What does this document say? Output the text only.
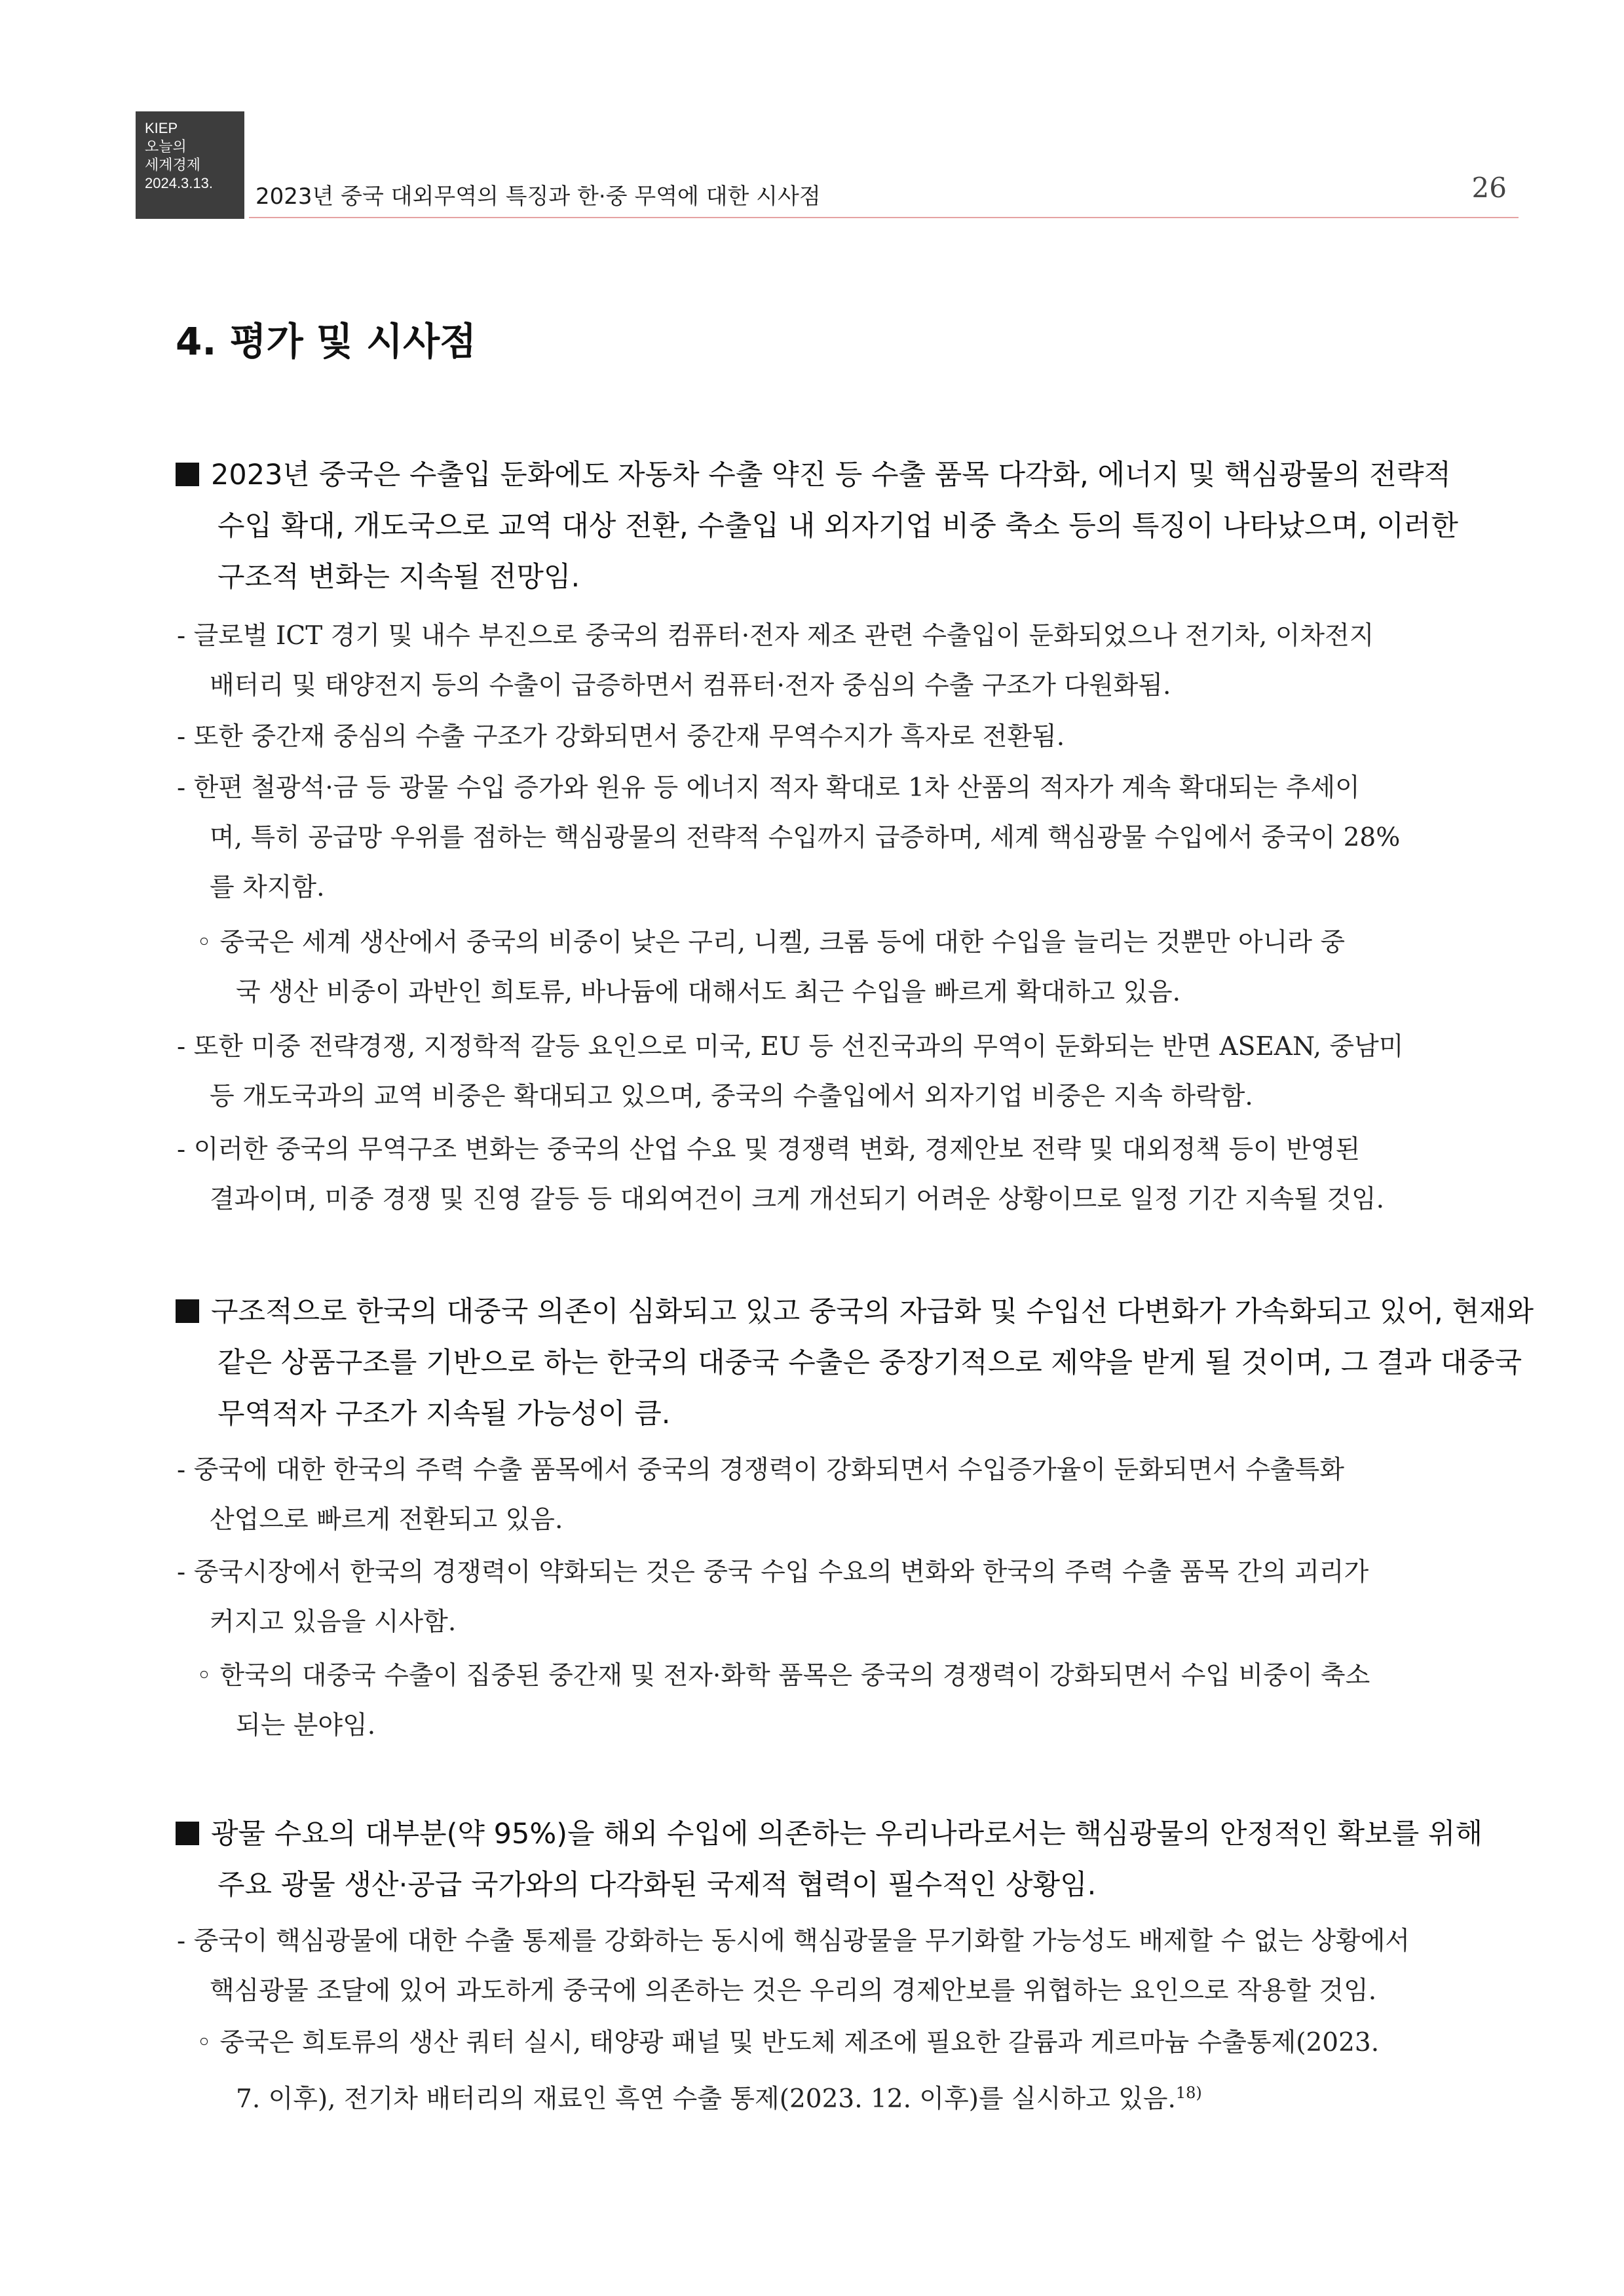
KIEP
오늘의
세계경제
2024.3.13.
2023년 중국 대외무역의 특징과 한·중 무역에 대한 시사점	26
4. 평가 및 시사점
2023년 중국은 수출입 둔화에도 자동차 수출 약진 등 수출 품목 다각화, 에너지 및 핵심광물의 전략적
수입 확대, 개도국으로 교역 대상 전환, 수출입 내 외자기업 비중 축소 등의 특징이 나타났으며, 이러한
구조적 변화는 지속될 전망임.
- 글로벌 ICT 경기 및 내수 부진으로 중국의 컴퓨터·전자 제조 관련 수출입이 둔화되었으나 전기차, 이차전지
배터리 및 태양전지 등의 수출이 급증하면서 컴퓨터·전자 중심의 수출 구조가 다원화됨.
- 또한 중간재 중심의 수출 구조가 강화되면서 중간재 무역수지가 흑자로 전환됨.
- 한편 철광석·금 등 광물 수입 증가와 원유 등 에너지 적자 확대로 1차 산품의 적자가 계속 확대되는 추세이
며, 특히 공급망 우위를 점하는 핵심광물의 전략적 수입까지 급증하며, 세계 핵심광물 수입에서 중국이 28%
를 차지함.
◦ 중국은 세계 생산에서 중국의 비중이 낮은 구리, 니켈, 크롬 등에 대한 수입을 늘리는 것뿐만 아니라 중
국 생산 비중이 과반인 희토류, 바나듐에 대해서도 최근 수입을 빠르게 확대하고 있음.
- 또한 미중 전략경쟁, 지정학적 갈등 요인으로 미국, EU 등 선진국과의 무역이 둔화되는 반면 ASEAN, 중남미
등 개도국과의 교역 비중은 확대되고 있으며, 중국의 수출입에서 외자기업 비중은 지속 하락함.
- 이러한 중국의 무역구조 변화는 중국의 산업 수요 및 경쟁력 변화, 경제안보 전략 및 대외정책 등이 반영된
결과이며, 미중 경쟁 및 진영 갈등 등 대외여건이 크게 개선되기 어려운 상황이므로 일정 기간 지속될 것임.
구조적으로 한국의 대중국 의존이 심화되고 있고 중국의 자급화 및 수입선 다변화가 가속화되고 있어, 현재와
같은 상품구조를 기반으로 하는 한국의 대중국 수출은 중장기적으로 제약을 받게 될 것이며, 그 결과 대중국
무역적자 구조가 지속될 가능성이 큼.
- 중국에 대한 한국의 주력 수출 품목에서 중국의 경쟁력이 강화되면서 수입증가율이 둔화되면서 수출특화
산업으로 빠르게 전환되고 있음.
- 중국시장에서 한국의 경쟁력이 약화되는 것은 중국 수입 수요의 변화와 한국의 주력 수출 품목 간의 괴리가
커지고 있음을 시사함.
◦ 한국의 대중국 수출이 집중된 중간재 및 전자·화학 품목은 중국의 경쟁력이 강화되면서 수입 비중이 축소
되는 분야임.
광물 수요의 대부분(약 95%)을 해외 수입에 의존하는 우리나라로서는 핵심광물의 안정적인 확보를 위해
주요 광물 생산·공급 국가와의 다각화된 국제적 협력이 필수적인 상황임.
- 중국이 핵심광물에 대한 수출 통제를 강화하는 동시에 핵심광물을 무기화할 가능성도 배제할 수 없는 상황에서
핵심광물 조달에 있어 과도하게 중국에 의존하는 것은 우리의 경제안보를 위협하는 요인으로 작용할 것임.
◦ 중국은 희토류의 생산 쿼터 실시, 태양광 패널 및 반도체 제조에 필요한 갈륨과 게르마늄 수출통제(2023.
7. 이후), 전기차 배터리의 재료인 흑연 수출 통제(2023. 12. 이후)를 실시하고 있음.$^{18)}$
